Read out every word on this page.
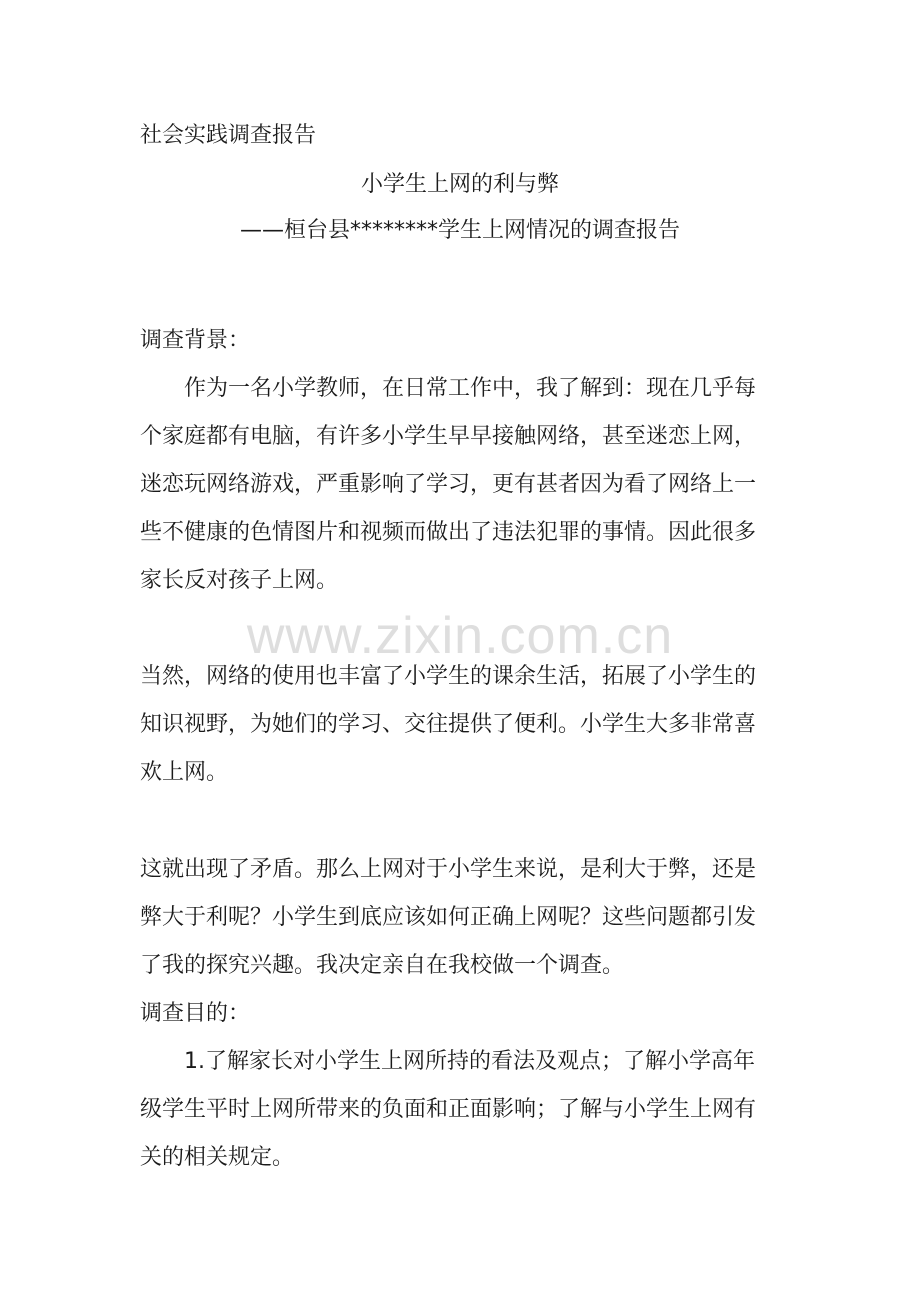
社会实践调查报告
小学生上网的利与弊
——桓台县********学生上网情况的调查报告
调查背景：
作为一名小学教师，在日常工作中，我了解到：现在几乎每
个家庭都有电脑，有许多小学生早早接触网络，甚至迷恋上网，
迷恋玩网络游戏，严重影响了学习，更有甚者因为看了网络上一
些不健康的色情图片和视频而做出了违法犯罪的事情。因此很多
家长反对孩子上网。
www.zixin.com.cn
当然，网络的使用也丰富了小学生的课余生活，拓展了小学生的
知识视野，为她们的学习、交往提供了便利。小学生大多非常喜
欢上网。
这就出现了矛盾。那么上网对于小学生来说，是利大于弊，还是
弊大于利呢？小学生到底应该如何正确上网呢？这些问题都引发
了我的探究兴趣。我决定亲自在我校做一个调查。
调查目的：
1.了解家长对小学生上网所持的看法及观点；了解小学高年
级学生平时上网所带来的负面和正面影响；了解与小学生上网有
关的相关规定。
